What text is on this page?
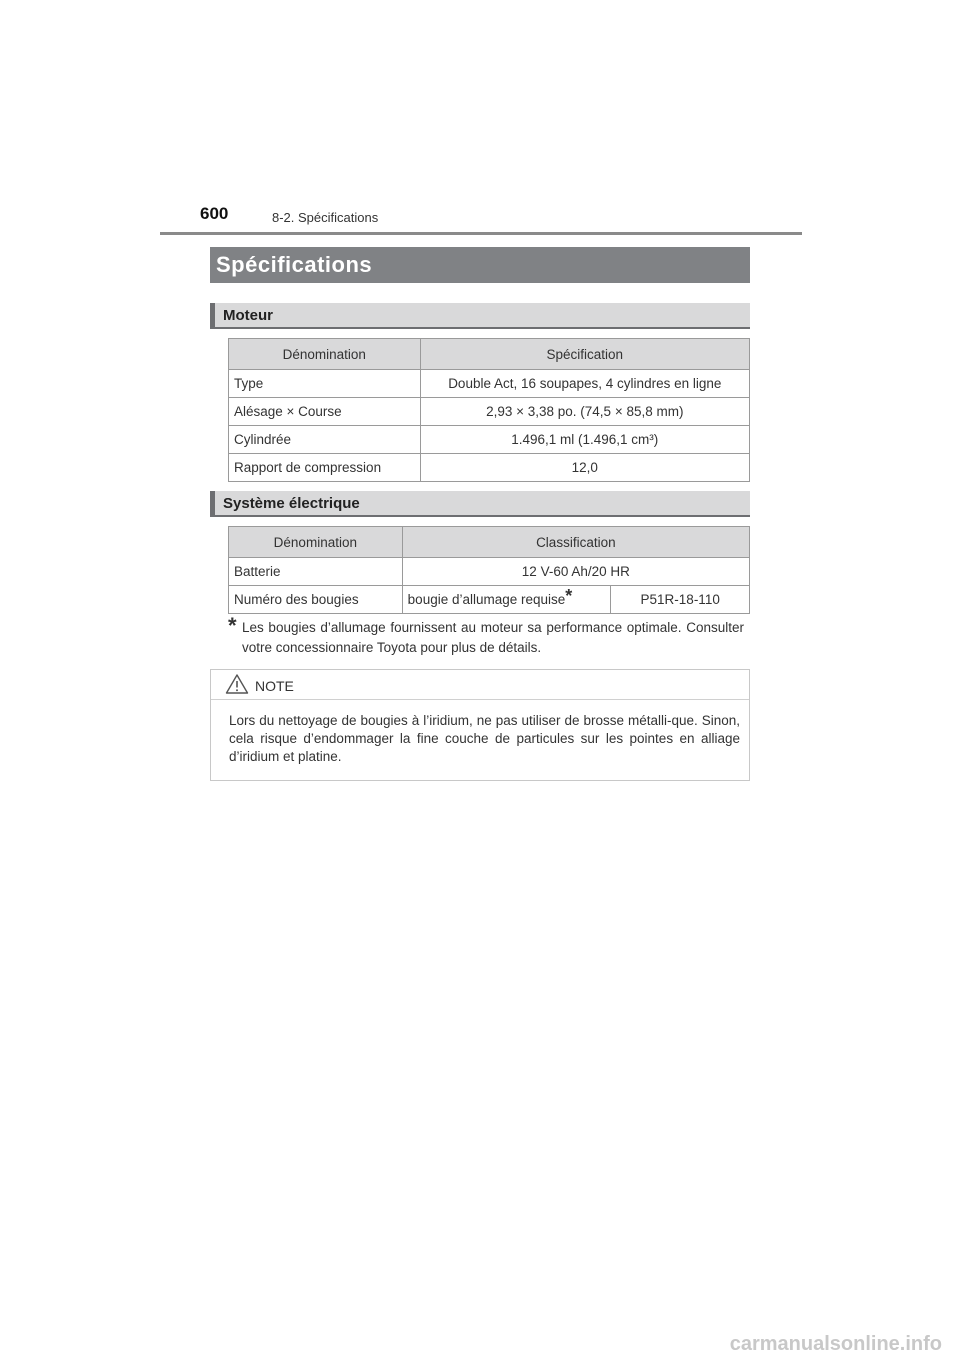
600	8-2. Spécifications
Spécifications
Moteur
Dénomination	Spécification
Type	Double Act, 16 soupapes, 4 cylindres en ligne
Alésage × Course	2,93 × 3,38 po. (74,5 × 85,8 mm)
Cylindrée	1.496,1 ml (1.496,1 cm³)
Rapport de compression	12,0
Système électrique
Dénomination	Classification	
Batterie	12 V-60 Ah/20 HR	
Numéro des bougies	bougie d’allumage requise*	P51R-18-110
* Les bougies d’allumage fournissent au moteur sa performance optimale. Consulter votre concessionnaire Toyota pour plus de détails.
NOTE
Lors du nettoyage de bougies à l’iridium, ne pas utiliser de brosse métalli-que. Sinon, cela risque d’endommager la fine couche de particules sur les pointes en alliage d’iridium et platine.
carmanualsonline.info
